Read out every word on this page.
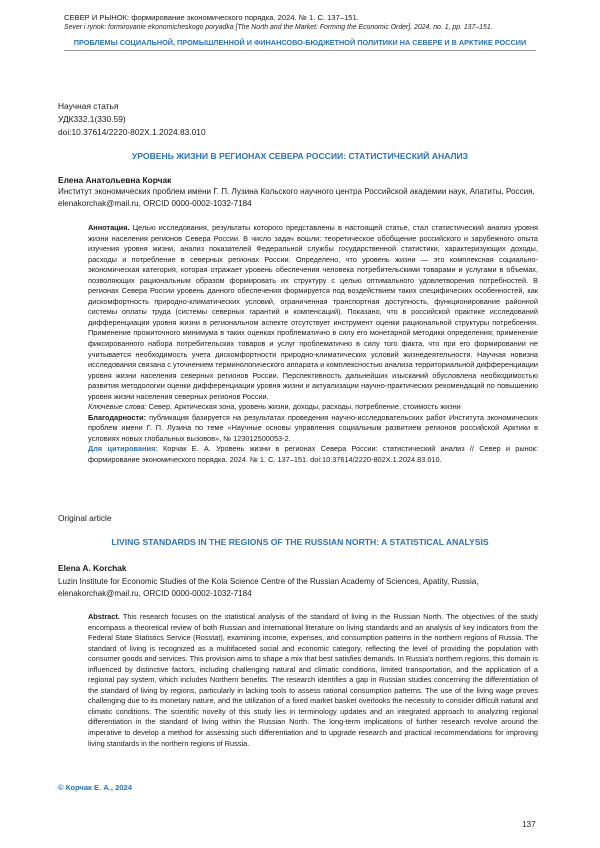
СЕВЕР И РЫНОК: формирование экономического порядка. 2024. № 1. С. 137–151.
Sever i rynok: formirovanie ekonomicheskogo poryadka [The North and the Market: Forming the Economic Order], 2024, no. 1, pp. 137–151.
ПРОБЛЕМЫ СОЦИАЛЬНОЙ, ПРОМЫШЛЕННОЙ И ФИНАНСОВО-БЮДЖЕТНОЙ ПОЛИТИКИ НА СЕВЕРЕ И В АРКТИКЕ РОССИИ
Научная статья
УДК332.1(330.59)
doi:10.37614/2220-802X.1.2024.83.010
УРОВЕНЬ ЖИЗНИ В РЕГИОНАХ СЕВЕРА РОССИИ: СТАТИСТИЧЕСКИЙ АНАЛИЗ
Елена Анатольевна Корчак
Институт экономических проблем имени Г. П. Лузина Кольского научного центра Российской академии наук, Апатиты, Россия, elenakorchak@mail.ru, ORCID 0000-0002-1032-7184

Аннотация. Целью исследования, результаты которого представлены в настоящей статье, стал статистический анализ уровня жизни населения регионов Севера России. В число задач вошли: теоретическое обобщение российского и зарубежного опыта изучения уровня жизни, анализ показателей Федеральной службы государственной статистики, характеризующих доходы, расходы и потребление в северных регионах России. Определено, что уровень жизни — это комплексная социально-экономическая категория, которая отражает уровень обеспечения человека потребительскими товарами и услугами в объемах, позволяющих рациональным образом формировать их структуру с целью оптимального удовлетворения потребностей. В регионах Севера России уровень данного обеспечения формируется под воздействием таких специфических особенностей, как дискомфортность природно-климатических условий, ограниченная транспортная доступность, функционирование районной системы оплаты труда (системы северных гарантий и компенсаций). Показано, что в российской практике исследований дифференциации уровня жизни в региональном аспекте отсутствует инструмент оценки рациональной структуры потребления. Применение прожиточного минимума в таких оценках проблематично в силу его монетарной методики определения; применение фиксированного набора потребительских товаров и услуг проблематично в силу того факта, что при его формировании не учитывается необходимость учета дискомфортности природно-климатических условий жизнедеятельности. Научная новизна исследования связана с уточнением терминологического аппарата и комплексностью анализа территориальной дифференциации уровня жизни населения северных регионов России. Перспективность дальнейших изысканий обусловлена необходимостью развития методологии оценки дифференциации уровня жизни и актуализации научно-практических рекомендаций по повышению уровня жизни населения северных регионов России.

Ключевые слова: Север, Арктическая зона, уровень жизни, доходы, расходы, потребление, стоимость жизни

Благодарности: публикация базируется на результатах проведения научно-исследовательских работ Института экономических проблем имени Г. П. Лузина по теме «Научные основы управления социальным развитием регионов российской Арктики в условиях новых глобальных вызовов», № 123012500053-2.

Для цитирования: Корчак Е. А. Уровень жизни в регионах Севера России: статистический анализ // Север и рынок: формирование экономического порядка. 2024. № 1. С. 137–151. doi:10.37614/2220-802X.1.2024.83.010.

Original article
LIVING STANDARDS IN THE REGIONS OF THE RUSSIAN NORTH: A STATISTICAL ANALYSIS
Elena A. Korchak
Luzin Institute for Economic Studies of the Kola Science Centre of the Russian Academy of Sciences, Apatity, Russia, elenakorchak@mail.ru, ORCID 0000-0002-1032-7184

Abstract. This research focuses on the statistical analysis of the standard of living in the Russian North. The objectives of the study encompass a theoretical review of both Russian and international literature on living standards and an analysis of key indicators from the Federal State Statistics Service (Rosstat), examining income, expenses, and consumption patterns in the northern regions of Russia. The standard of living is recognized as a multifaceted social and economic category, reflecting the level of providing the population with consumer goods and services. This provision aims to shape a mix that best satisfies demands. In Russia's northern regions, this domain is influenced by distinctive factors, including challenging natural and climatic conditions, limited transportation, and the application of a regional pay system, which includes Northern benefits. The research identifies a gap in Russian studies concerning the differentiation of the standard of living by regions, particularly in lacking tools to assess rational consumption patterns. The use of the living wage proves challenging due to its monetary nature, and the utilization of a fixed market basket overlooks the necessity to consider difficult natural and climatic conditions. The scientific novelty of this study lies in terminology updates and an integrated approach to analyzing regional differentiation in the standard of living within the Russian North. The long-term implications of further research revolve around the imperative to develop a method for assessing such differentiation and to upgrade research and practical recommendations for improving living standards in the northern regions of Russia.

© Корчак Е. А., 2024
137
